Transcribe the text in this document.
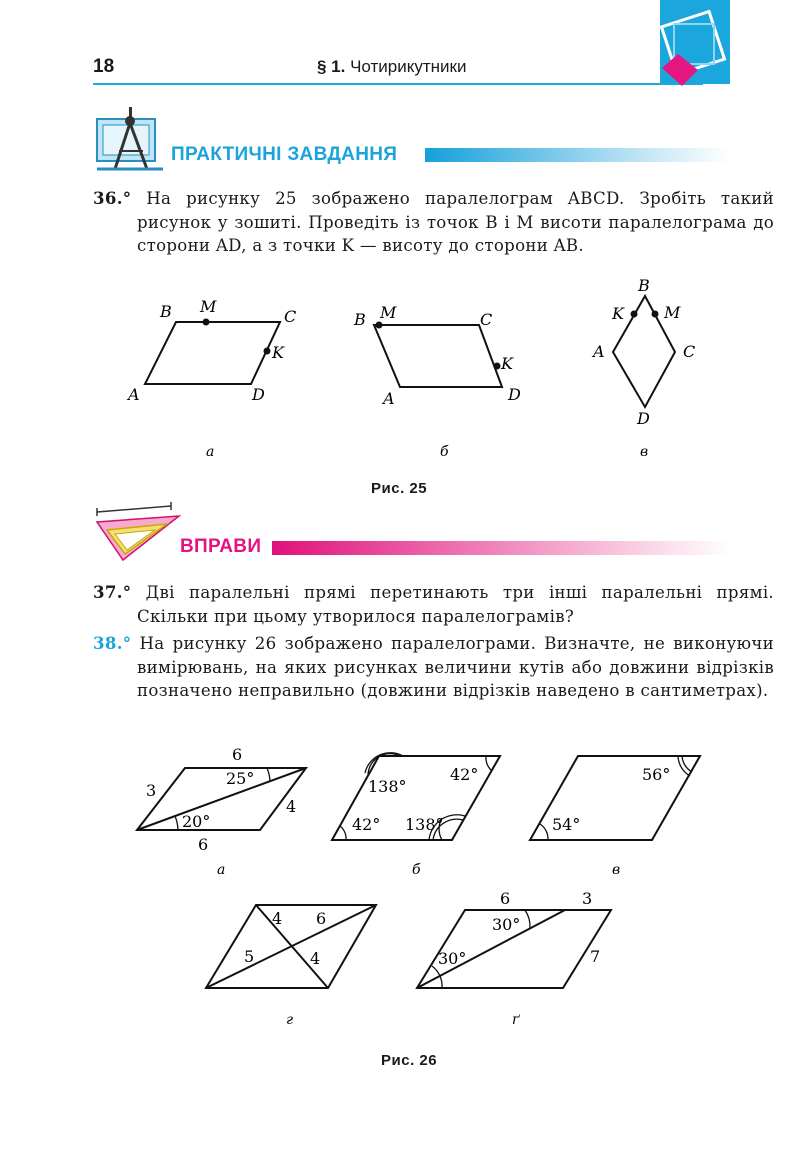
18	§ 1. Чотирикутники
ПРАКТИЧНІ ЗАВДАННЯ
36.° На рисунку 25 зображено паралелограм ABCD. Зробіть такий рисунок у зошиті. Проведіть із точок B і M висоти паралелограма до сторони AD, а з точки K — висоту до сторони AB.
A
B M
C
K
D
B M	C
K
A	D
B
K	M
A	C
D
а	б	в
Рис. 25
ВПРАВИ
37.° Дві паралельні прямі перетинають три інші паралельні прямі. Скільки при цьому утворилося паралелограмів?
38.° На рисунку 26 зображено паралелограми. Визначте, не виконуючи вимірювань, на яких рисунках величини кутів або довжини відрізків позначено неправильно (довжини відрізків наведено в сантиметрах).
6
3
4
6
25°
20°
138°
42°
42° 138°
56°
54°
а	б	в
4 6
5	4
6	3
7
30°
30°
г	ґ
Рис. 26
